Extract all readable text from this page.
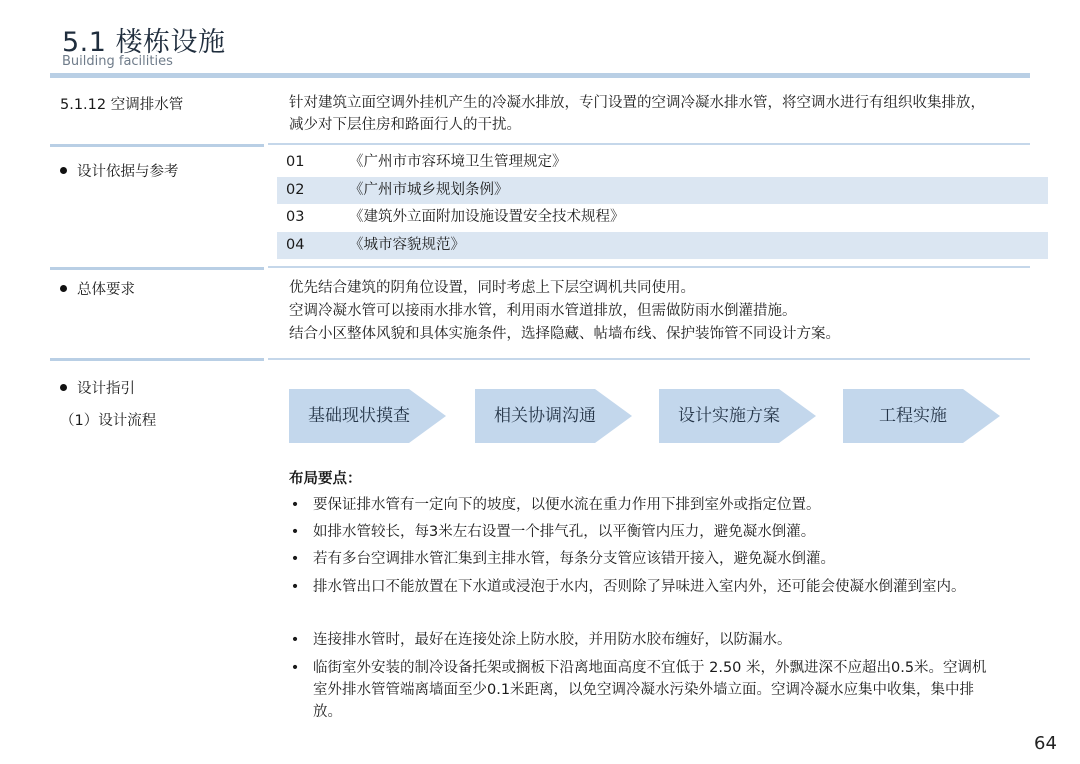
5.1 楼栋设施
Building facilities
5.1.12 空调排水管	针对建筑立面空调外挂机产生的冷凝水排放，专门设置的空调冷凝水排水管，将空调水进行有组织收集排放，减少对下层住房和路面行人的干扰。
设计依据与参考
01	《广州市市容环境卫生管理规定》
02	《广州市城乡规划条例》
03	《建筑外立面附加设施设置安全技术规程》
04	《城市容貌规范》
总体要求	优先结合建筑的阴角位设置，同时考虑上下层空调机共同使用。
空调冷凝水管可以接雨水排水管，利用雨水管道排放，但需做防雨水倒灌措施。
结合小区整体风貌和具体实施条件，选择隐藏、帖墙布线、保护装饰管不同设计方案。
设计指引
（1）设计流程	基础现状摸查	相关协调沟通	设计实施方案	工程实施
布局要点：
• 要保证排水管有一定向下的坡度，以便水流在重力作用下排到室外或指定位置。
• 如排水管较长，每3米左右设置一个排气孔，以平衡管内压力，避免凝水倒灌。
• 若有多台空调排水管汇集到主排水管，每条分支管应该错开接入，避免凝水倒灌。
• 排水管出口不能放置在下水道或浸泡于水内，否则除了异味进入室内外，还可能会使凝水倒灌到室内。
• 连接排水管时，最好在连接处涂上防水胶，并用防水胶布缠好，以防漏水。
• 临街室外安装的制冷设备托架或搁板下沿离地面高度不宜低于 2.50 米，外飘进深不应超出0.5米。空调机室外排水管管端离墙面至少0.1米距离，以免空调冷凝水污染外墙立面。空调冷凝水应集中收集，集中排放。
64
